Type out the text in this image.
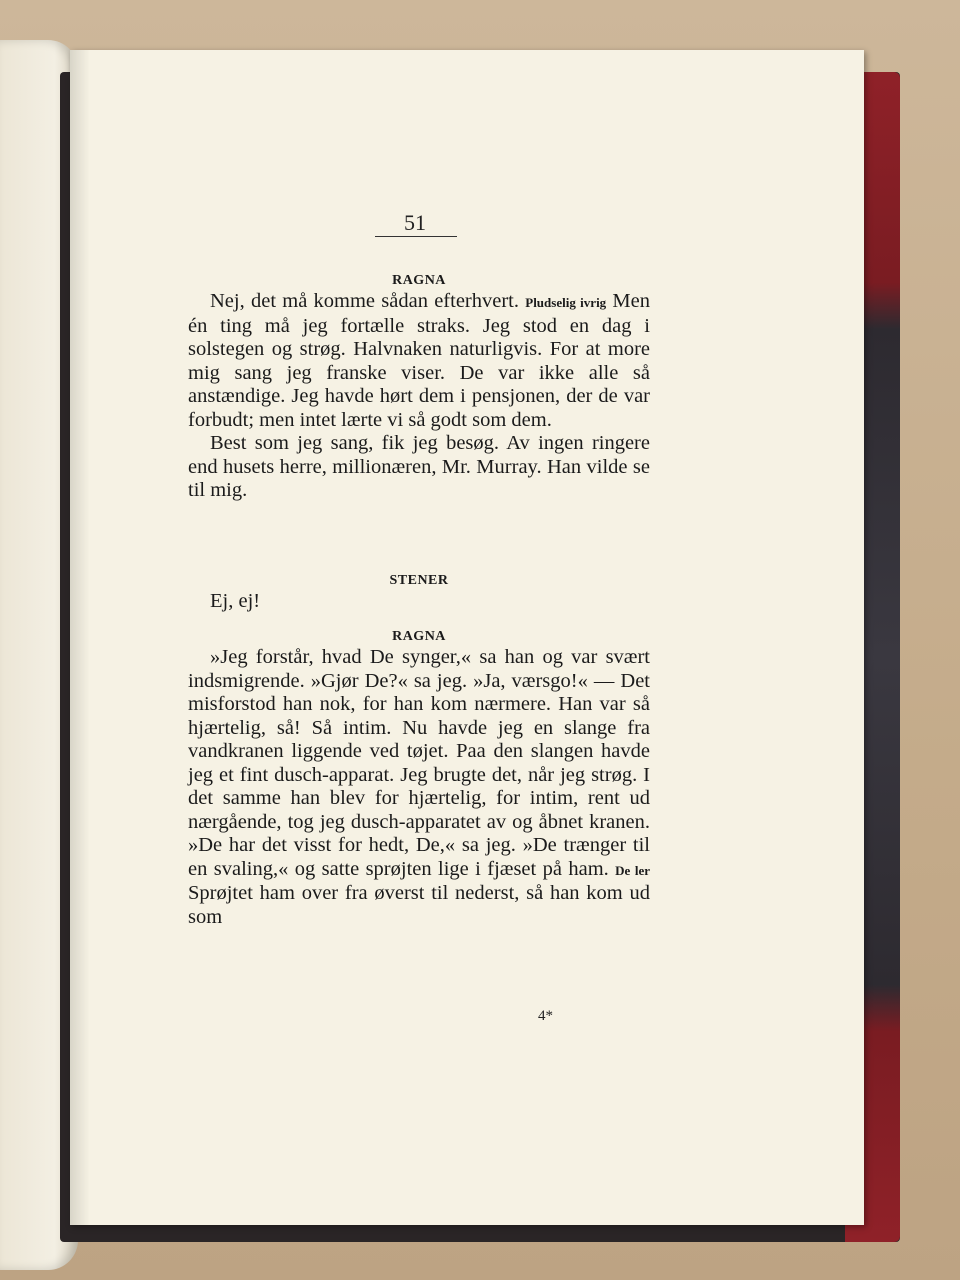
51

RAGNA

Nej, det må komme sådan efterhvert. Pludselig ivrig Men én ting må jeg fortælle straks. Jeg stod en dag i solstegen og strøg. Halvnaken naturligvis. For at more mig sang jeg franske viser. De var ikke alle så anstændige. Jeg havde hørt dem i pensjonen, der de var forbudt; men intet lærte vi så godt som dem.

Best som jeg sang, fik jeg besøg. Av ingen ringere end husets herre, millionæren, Mr. Murray. Han vilde se til mig.

STENER

Ej, ej!

RAGNA

»Jeg forstår, hvad De synger,« sa han og var svært indsmigrende. »Gjør De?« sa jeg. »Ja, værsgo!« — Det misforstod han nok, for han kom nærmere. Han var så hjærtelig, så! Så intim. Nu havde jeg en slange fra vandkranen liggende ved tøjet. Paa den slangen havde jeg et fint dusch-apparat. Jeg brugte det, når jeg strøg. I det samme han blev for hjærtelig, for intim, rent ud nærgående, tog jeg dusch-apparatet av og åbnet kranen. »De har det visst for hedt, De,« sa jeg. »De trænger til en svaling,« og satte sprøjten lige i fjæset på ham. De ler Sprøjtet ham over fra øverst til nederst, så han kom ud som

4*
